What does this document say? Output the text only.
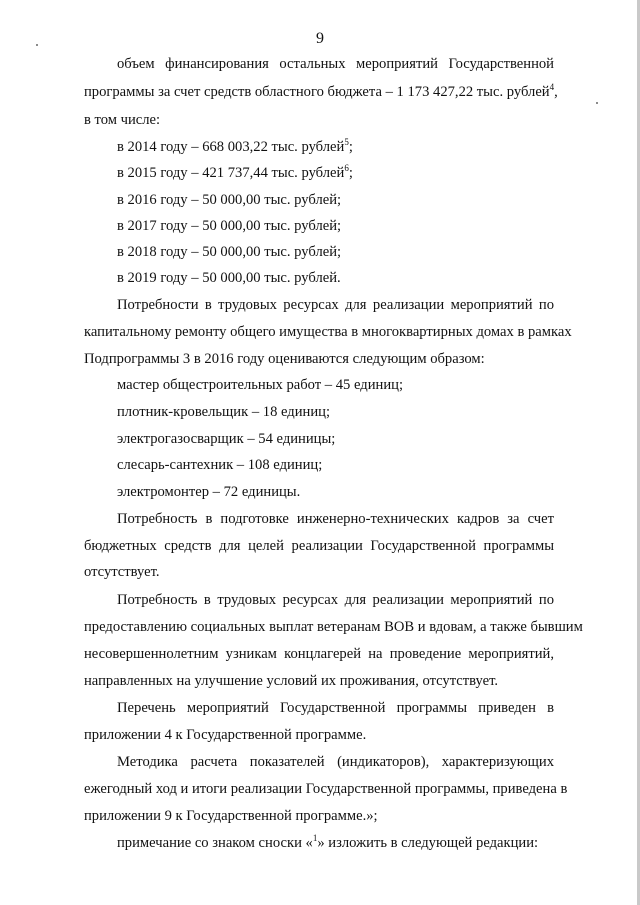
9
объем финансирования остальных мероприятий Государственной
программы за счет средств областного бюджета – 1 173 427,22 тыс. рублей$^4$,
в том числе:
в 2014 году – 668 003,22 тыс. рублей$^5$;
в 2015 году – 421 737,44 тыс. рублей$^6$;
в 2016 году – 50 000,00 тыс. рублей;
в 2017 году – 50 000,00 тыс. рублей;
в 2018 году – 50 000,00 тыс. рублей;
в 2019 году – 50 000,00 тыс. рублей.
Потребности в трудовых ресурсах для реализации мероприятий по
капитальному ремонту общего имущества в многоквартирных домах в рамках
Подпрограммы 3 в 2016 году оцениваются следующим образом:
мастер общестроительных работ – 45 единиц;
плотник-кровельщик – 18 единиц;
электрогазосварщик – 54 единицы;
слесарь-сантехник – 108 единиц;
электромонтер – 72 единицы.
Потребность в подготовке инженерно-технических кадров за счет
бюджетных средств для целей реализации Государственной программы
отсутствует.
Потребность в трудовых ресурсах для реализации мероприятий по
предоставлению социальных выплат ветеранам ВОВ и вдовам, а также бывшим
несовершеннолетним узникам концлагерей на проведение мероприятий,
направленных на улучшение условий их проживания, отсутствует.
Перечень мероприятий Государственной программы приведен в
приложении 4 к Государственной программе.
Методика расчета показателей (индикаторов), характеризующих
ежегодный ход и итоги реализации Государственной программы, приведена в
приложении 9 к Государственной программе.»;
примечание со знаком сноски «$^1$» изложить в следующей редакции:
